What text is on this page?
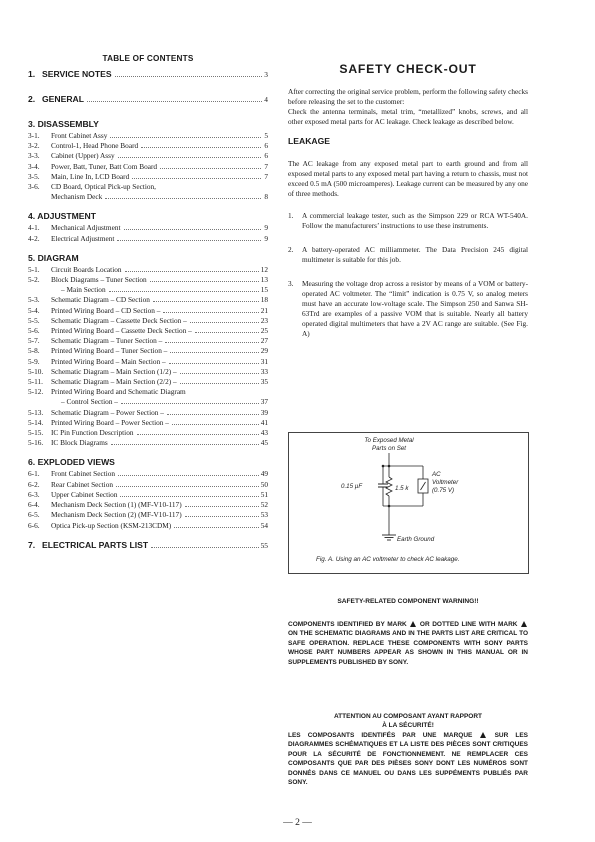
TABLE OF CONTENTS
1. SERVICE NOTES	3
2. GENERAL	4
3. DISASSEMBLY
3-1.	Front Cabinet Assy	5
3-2.	Control-1, Head Phone Board	6
3-3.	Cabinet (Upper) Assy	6
3-4.	Power, Batt, Tuner, Batt Com Board	7
3-5.	Main, Line In, LCD Board	7
3-6.	CD Board, Optical Pick-up Section,
Mechanism Deck	8
4. ADJUSTMENT
4-1.	Mechanical Adjustment	9
4-2.	Electrical Adjustment	9
5. DIAGRAM
5-1.	Circuit Boards Location	12
5-2.	Block Diagrams – Tuner Section	13
– Main Section	15
5-3.	Schematic Diagram – CD Section	18
5-4.	Printed Wiring Board – CD Section –	21
5-5.	Schematic Diagram – Cassette Deck Section –	23
5-6.	Printed Wiring Board – Cassette Deck Section –	25
5-7.	Schematic Diagram – Tuner Section –	27
5-8.	Printed Wiring Board – Tuner Section –	29
5-9.	Printed Wiring Board – Main Section –	31
5-10.	Schematic Diagram – Main Section (1/2) –	33
5-11.	Schematic Diagram – Main Section (2/2) –	35
5-12.	Printed Wiring Board and Schematic Diagram
– Control Section –	37
5-13.	Schematic Diagram – Power Section –	39
5-14.	Printed Wiring Board – Power Section –	41
5-15.	IC Pin Function Description	43
5-16.	IC Block Diagrams	45
6. EXPLODED VIEWS
6-1.	Front Cabinet Section	49
6-2.	Rear Cabinet Section	50
6-3.	Upper Cabinet Section	51
6-4.	Mechanism Deck Section (1) (MF-V10-117)	52
6-5.	Mechanism Deck Section (2) (MF-V10-117)	53
6-6.	Optica Pick-up Section (KSM-213CDM)	54
7. ELECTRICAL PARTS LIST	55
SAFETY CHECK-OUT

After correcting the original service problem, perform the following safety checks before releasing the set to the customer:

Check the antenna terminals, metal trim, “metallized” knobs, screws, and all other exposed metal parts for AC leakage. Check leakage as described below.

LEAKAGE

The AC leakage from any exposed metal part to earth ground and from all exposed metal parts to any exposed metal part having a return to chassis, must not exceed 0.5 mA (500 microamperes). Leakage current can be measured by any one of three methods.

1.	A commercial leakage tester, such as the Simpson 229 or RCA WT-540A. Follow the manufacturers’ instructions to use these instruments.
2.	A battery-operated AC milliammeter. The Data Precision 245 digital multimeter is suitable for this job.
3.	Measuring the voltage drop across a resistor by means of a VOM or battery-operated AC voltmeter. The “limit” indication is 0.75 V, so analog meters must have an accurate low-voltage scale. The Simpson 250 and Sanwa SH-63Trd are examples of a passive VOM that is suitable. Nearly all battery operated digital multimeters that have a 2V AC range are suitable. (See Fig. A)
To Exposed Metal
Parts on Set
0.15 µF	1.5 k
AC
Voltmeter
(0.75 V)
Earth Ground
Fig. A. Using an AC voltmeter to check AC leakage.
SAFETY-RELATED COMPONENT WARNING!!
COMPONENTS IDENTIFIED BY MARK OR DOTTED LINE WITH MARK  ON THE SCHEMATIC DIAGRAMS AND IN THE PARTS LIST ARE CRITICAL TO SAFE OPERATION. REPLACE THESE COMPONENTS WITH SONY PARTS WHOSE PART NUMBERS APPEAR AS SHOWN IN THIS MANUAL OR IN SUPPLEMENTS PUBLISHED BY SONY.
ATTENTION AU COMPOSANT AYANT RAPPORT
À LA SÉCURITÉ!
LES COMPOSANTS IDENTIFÉS PAR UNE MARQUE	SUR LES DIAGRAMMES SCHÉMATIQUES ET LA LISTE DES PIÈCES SONT CRITIQUES POUR LA SÉCURITÉ DE FONCTIONNEMENT. NE REMPLACER CES COMPOSANTS QUE PAR DES PIÈSES SONY DONT LES NUMÉROS SONT DONNÉS DANS CE MANUEL OU DANS LES SUPPÉMENTS PUBLIÉS PAR SONY.
— 2 —
